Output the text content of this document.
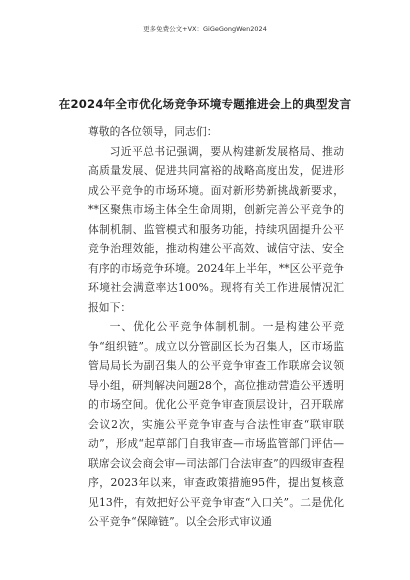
更多免费公文+VX：GiGeGongWen2024
在2024年全市优化场竞争环境专题推进会上的典型发言

尊敬的各位领导，同志们：

习近平总书记强调，要从构建新发展格局、推动高质量发展、促进共同富裕的战略高度出发，促进形成公平竞争的市场环境。面对新形势新挑战新要求，**区聚焦市场主体全生命周期，创新完善公平竞争的体制机制、监管模式和服务功能，持续巩固提升公平竞争治理效能，推动构建公平高效、诚信守法、安全有序的市场竞争环境。2024年上半年，**区公平竞争环境社会满意率达100%。现将有关工作进展情况汇报如下：

一、优化公平竞争体制机制。一是构建公平竞争“组织链”。成立以分管副区长为召集人，区市场监管局局长为副召集人的公平竞争审查工作联席会议领导小组，研判解决问题28个，高位推动营造公平透明的市场空间。优化公平竞争审查顶层设计，召开联席会议2次，实施公平竞争审查与合法性审查“联审联动”，形成“起草部门自我审查—市场监管部门评估—联席会议会商会审—司法部门合法审查”的四级审查程序，2023年以来，审查政策措施95件，提出复核意见13件，有效把好公平竞争审查“入口关”。二是优化公平竞争“保障链”。以全会形式审议通
